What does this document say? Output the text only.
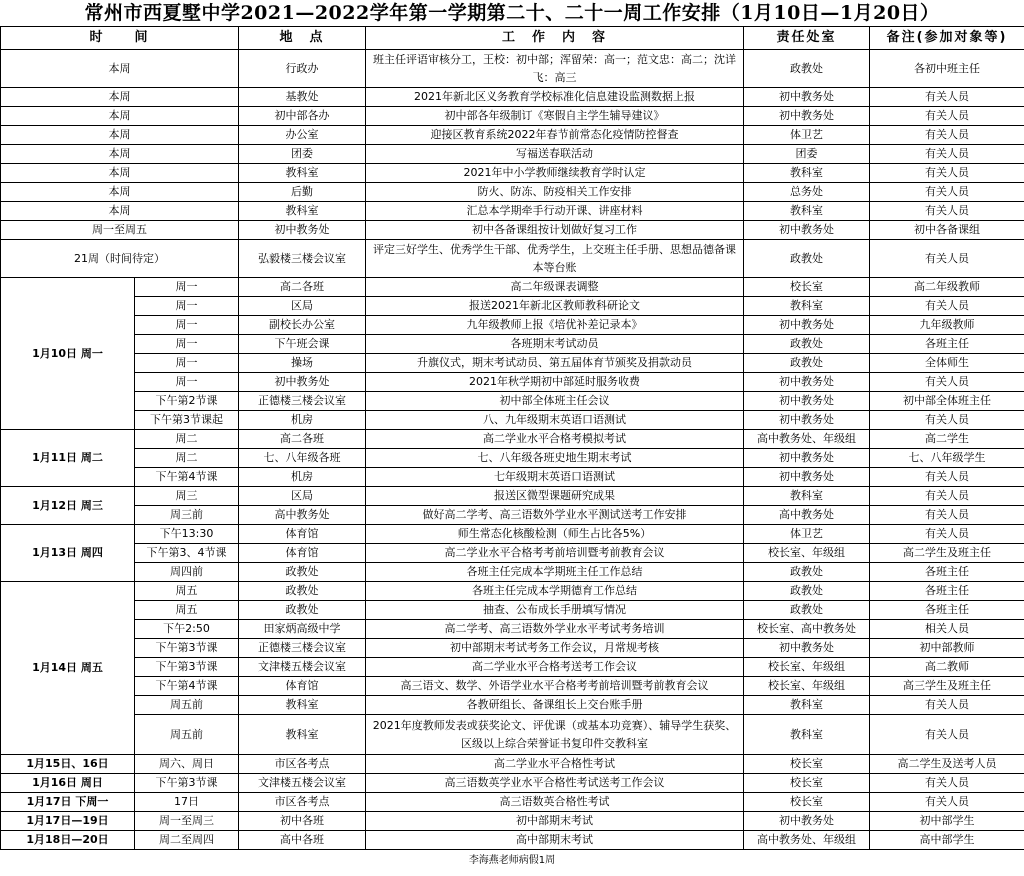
常州市西夏墅中学2021—2022学年第一学期第二十、二十一周工作安排（1月10日—1月20日）
时　　间		地　点	工　作　内　容	责任处室	备注(参加对象等)
本周		行政办	班主任评语审核分工，王校：初中部；浑留荣：高一；范文忠：高二；沈详飞：高三	政教处	各初中班主任
本周		基教处	2021年新北区义务教育学校标准化信息建设监测数据上报	初中教务处	有关人员
本周		初中部各办	初中部各年级制订《寒假自主学生辅导建议》	初中教务处	有关人员
本周		办公室	迎接区教育系统2022年春节前常态化疫情防控督查	体卫艺	有关人员
本周		团委	写福送春联活动	团委	有关人员
本周		教科室	2021年中小学教师继续教育学时认定	教科室	有关人员
本周		后勤	防火、防冻、防疫相关工作安排	总务处	有关人员
本周		教科室	汇总本学期牵手行动开课、讲座材料	教科室	有关人员
周一至周五		初中教务处	初中各备课组按计划做好复习工作	初中教务处	初中各备课组
21周（时间待定）		弘毅楼三楼会议室	评定三好学生、优秀学生干部、优秀学生，上交班主任手册、思想品德备课本等台账	政教处	有关人员
1月10日 周一	周一	高二各班	高二年级课表调整	校长室	高二年级教师
	周一	区局	报送2021年新北区教师教科研论文	教科室	有关人员
	周一	副校长办公室	九年级教师上报《培优补差记录本》	初中教务处	九年级教师
	周一	下午班会课	各班期末考试动员	政教处	各班主任
	周一	操场	升旗仪式，期末考试动员、第五届体育节颁奖及捐款动员	政教处	全体师生
	周一	初中教务处	2021年秋学期初中部延时服务收费	初中教务处	有关人员
	下午第2节课	正德楼三楼会议室	初中部全体班主任会议	初中教务处	初中部全体班主任
	下午第3节课起	机房	八、九年级期末英语口语测试	初中教务处	有关人员
1月11日 周二	周二	高二各班	高二学业水平合格考模拟考试	高中教务处、年级组	高二学生
	周二	七、八年级各班	七、八年级各班史地生期末考试	初中教务处	七、八年级学生
	下午第4节课	机房	七年级期末英语口语测试	初中教务处	有关人员
1月12日 周三	周三	区局	报送区微型课题研究成果	教科室	有关人员
	周三前	高中教务处	做好高二学考、高三语数外学业水平测试送考工作安排	高中教务处	有关人员
1月13日 周四	下午13:30	体育馆	师生常态化核酸检测（师生占比各5%）	体卫艺	有关人员
	下午第3、4节课	体育馆	高二学业水平合格考考前培训暨考前教育会议	校长室、年级组	高二学生及班主任
	周四前	政教处	各班主任完成本学期班主任工作总结	政教处	各班主任
1月14日 周五	周五	政教处	各班主任完成本学期德育工作总结	政教处	各班主任
	周五	政教处	抽查、公布成长手册填写情况	政教处	各班主任
	下午2:50	田家炳高级中学	高二学考、高三语数外学业水平考试考务培训	校长室、高中教务处	相关人员
	下午第3节课	正德楼三楼会议室	初中部期末考试考务工作会议，月常规考核	初中教务处	初中部教师
	下午第3节课	文津楼五楼会议室	高二学业水平合格考送考工作会议	校长室、年级组	高二教师
	下午第4节课	体育馆	高三语文、数学、外语学业水平合格考考前培训暨考前教育会议	校长室、年级组	高三学生及班主任
	周五前	教科室	各教研组长、备课组长上交台账手册	教科室	有关人员
	周五前	教科室	2021年度教师发表或获奖论文、评优课（或基本功竞赛）、辅导学生获奖、区级以上综合荣誉证书复印件交教科室	教科室	有关人员
1月15日、16日	周六、周日	市区各考点	高二学业水平合格性考试	校长室	高二学生及送考人员
1月16日 周日	下午第3节课	文津楼五楼会议室	高三语数英学业水平合格性考试送考工作会议	校长室	有关人员
1月17日 下周一	17日	市区各考点	高三语数英合格性考试	校长室	有关人员
1月17日—19日	周一至周三	初中各班	初中部期末考试	初中教务处	初中部学生
1月18日—20日	周二至周四	高中各班	高中部期末考试	高中教务处、年级组	高中部学生
李海燕老师病假1周
